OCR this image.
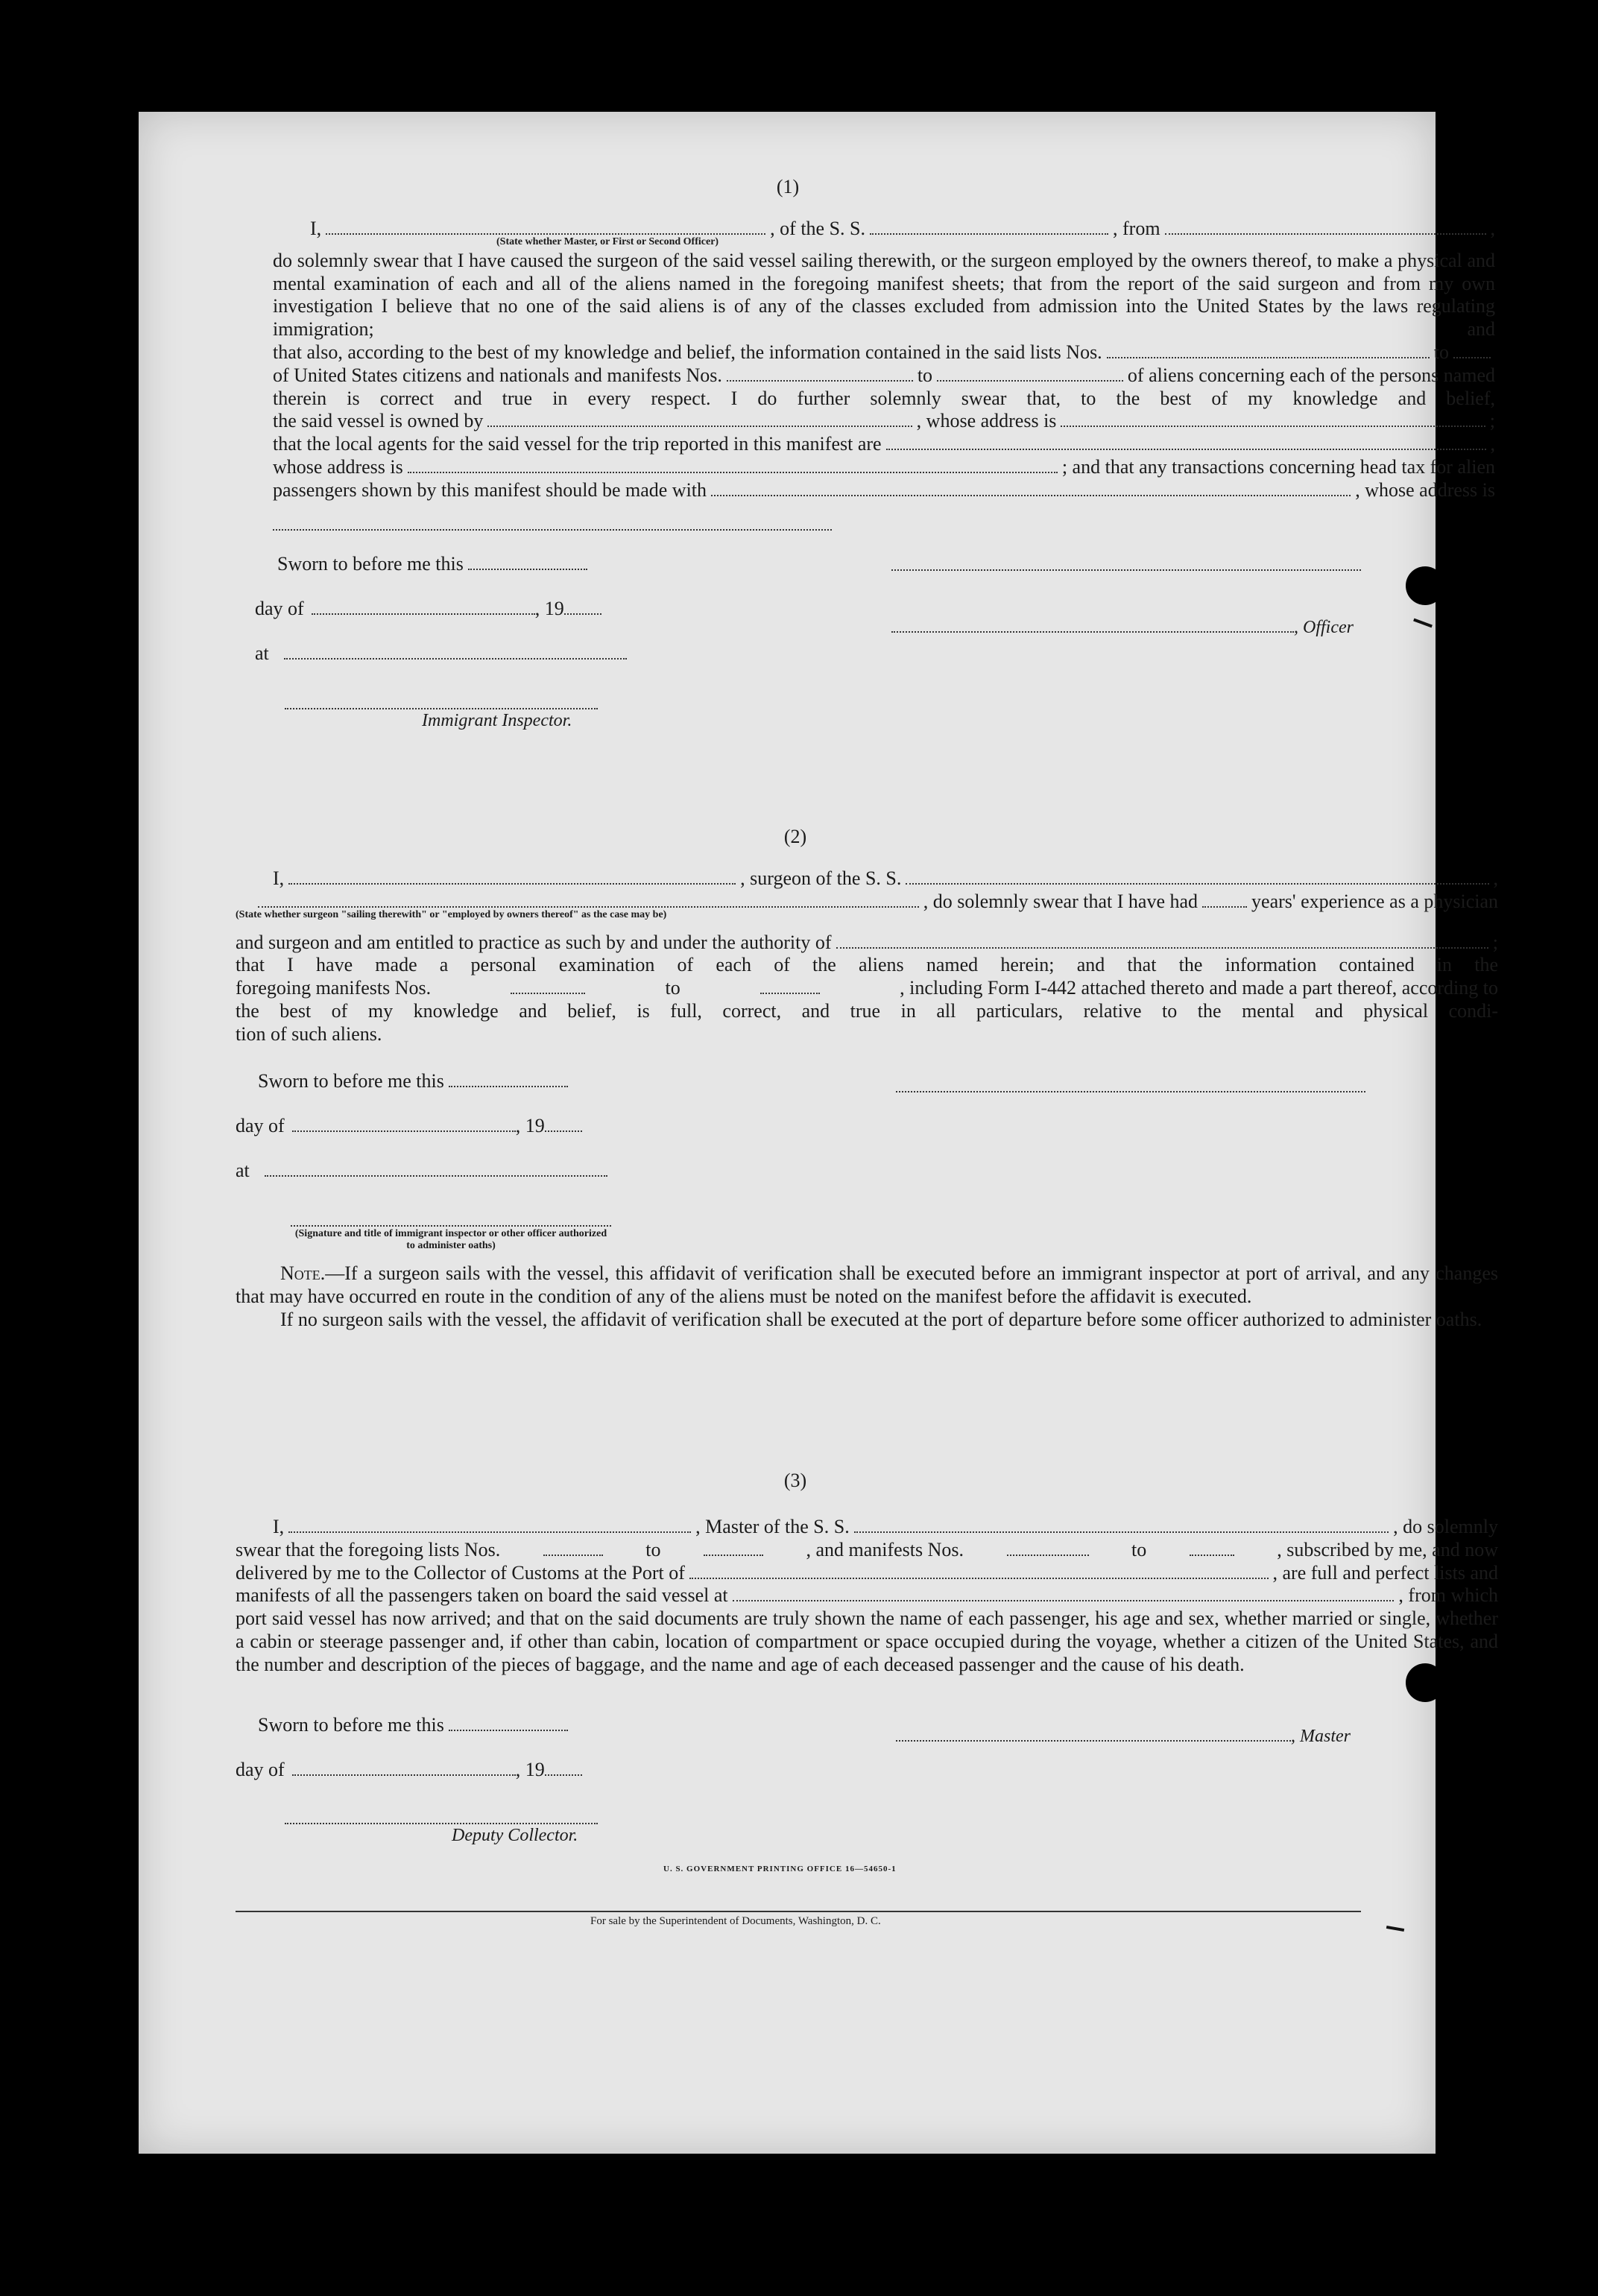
(1)
I,	, of the S. S.	, from	,
(State whether Master, or First or Second Officer)
do solemnly swear that I have caused the surgeon of the said vessel sailing therewith, or the surgeon employed by the owners thereof, to make a physical and mental examination of each and all of the aliens named in the foregoing manifest sheets; that from the report of the said surgeon and from my own investigation I believe that no one of the said aliens is of any of the classes excluded from admission into the United States by the laws regulating immigration; and
that also, according to the best of my knowledge and belief, the information contained in the said lists Nos.	to
of United States citizens and nationals and manifests Nos.	to	of aliens concerning each of the persons named
therein is correct and true in every respect. I do further solemnly swear that, to the best of my knowledge and belief,
the said vessel is owned by	, whose address is	;
that the local agents for the said vessel for the trip reported in this manifest are	,
whose address is	; and that any transactions concerning head tax for alien
passengers shown by this manifest should be made with	, whose address is
Sworn to before me this
day of	, 19
at
, Officer
Immigrant Inspector.
(2)
I,	, surgeon of the S. S.	,
, do solemnly swear that I have had	years' experience as a physician
(State whether surgeon "sailing therewith" or "employed by owners thereof" as the case may be)
and surgeon and am entitled to practice as such by and under the authority of	;
that I have made a personal examination of each of the aliens named herein; and that the information contained in the
foregoing manifests Nos.	to	, including Form I-442 attached thereto and made a part thereof, according to
the best of my knowledge and belief, is full, correct, and true in all particulars, relative to the mental and physical condi-
tion of such aliens.
Sworn to before me this
day of	, 19
at
(Signature and title of immigrant inspector or other officer authorized to administer oaths)
Note.—If a surgeon sails with the vessel, this affidavit of verification shall be executed before an immigrant inspector at port of arrival, and any changes that may have occurred en route in the condition of any of the aliens must be noted on the manifest before the affidavit is executed.
If no surgeon sails with the vessel, the affidavit of verification shall be executed at the port of departure before some officer authorized to administer oaths.
(3)
I,	, Master of the S. S.	, do solemnly
swear that the foregoing lists Nos.	to	, and manifests Nos.	to	, subscribed by me, and now
delivered by me to the Collector of Customs at the Port of	, are full and perfect lists and
manifests of all the passengers taken on board the said vessel at	, from which
port said vessel has now arrived; and that on the said documents are truly shown the name of each passenger, his age and sex, whether married or single, whether a cabin or steerage passenger and, if other than cabin, location of compartment or space occupied during the voyage, whether a citizen of the United States, and the number and description of the pieces of baggage, and the name and age of each deceased passenger and the cause of his death.
Sworn to before me this
day of	, 19
, Master
Deputy Collector.
U. S. GOVERNMENT PRINTING OFFICE 16—54650-1
For sale by the Superintendent of Documents, Washington, D. C.
